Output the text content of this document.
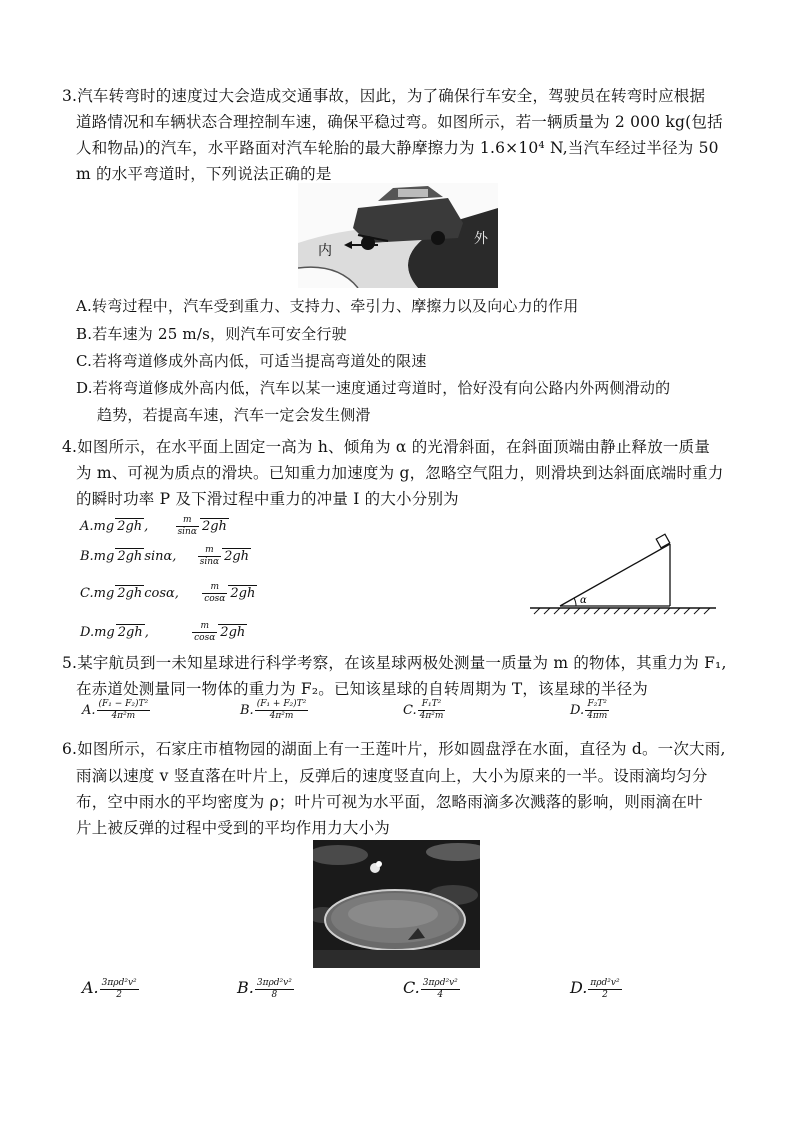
3.汽车转弯时的速度过大会造成交通事故，因此，为了确保行车安全，驾驶员在转弯时应根据
道路情况和车辆状态合理控制车速，确保平稳过弯。如图所示，若一辆质量为 2 000 kg(包括
人和物品)的汽车，水平路面对汽车轮胎的最大静摩擦力为 1.6×10⁴ N,当汽车经过半径为 50
m 的水平弯道时，下列说法正确的是
内
外
A.转弯过程中，汽车受到重力、支持力、牵引力、摩擦力以及向心力的作用
B.若车速为 25 m/s，则汽车可安全行驶
C.若将弯道修成外高内低，可适当提高弯道处的限速
D.若将弯道修成外高内低，汽车以某一速度通过弯道时，恰好没有向公路内外两侧滑动的
趋势，若提高车速，汽车一定会发生侧滑
4.如图所示，在水平面上固定一高为 h、倾角为 α 的光滑斜面，在斜面顶端由静止释放一质量
为 m、可视为质点的滑块。已知重力加速度为 g，忽略空气阻力，则滑块到达斜面底端时重力
的瞬时功率 P 及下滑过程中重力的冲量 I 的大小分别为
A.mg 2gh ,	$\frac{m}{\sin\alpha} 2gh$
B.mg 2gh sinα, $\frac{m}{\sin\alpha} 2gh$
C.mg 2gh cosα,	$\frac{m}{\cos\alpha} 2gh$
D.mg 2gh ,	$\frac{m}{\cos\alpha} 2gh$
α
5.某宇航员到一未知星球进行科学考察，在该星球两极处测量一质量为 m 的物体，其重力为 F₁,
在赤道处测量同一物体的重力为 F₂。已知该星球的自转周期为 T，该星球的半径为
A. $\frac{\text{(F₁ − F₂)T²}}{\text{4π²m}}$	B. $\frac{\text{(F₁ + F₂)T²}}{\text{4π²m}}$	C. $\frac{\text{F₁T²}}{\text{4π²m}}$	D. $\frac{\text{F₂T²}}{4\pi m}$
6.如图所示，石家庄市植物园的湖面上有一王莲叶片，形如圆盘浮在水面，直径为 d。一次大雨,
雨滴以速度 v 竖直落在叶片上，反弹后的速度竖直向上，大小为原来的一半。设雨滴均匀分
布，空中雨水的平均密度为 ρ；叶片可视为水平面，忽略雨滴多次溅落的影响，则雨滴在叶
片上被反弹的过程中受到的平均作用力大小为
A. $\frac{\text{3πρd²v²}}{2}$	B. $\frac{\text{3πρd²v²}}{8}$	C. $\frac{\text{3πρd²v²}}{4}$	D. $\frac{\text{πρd²v²}}{2}$
